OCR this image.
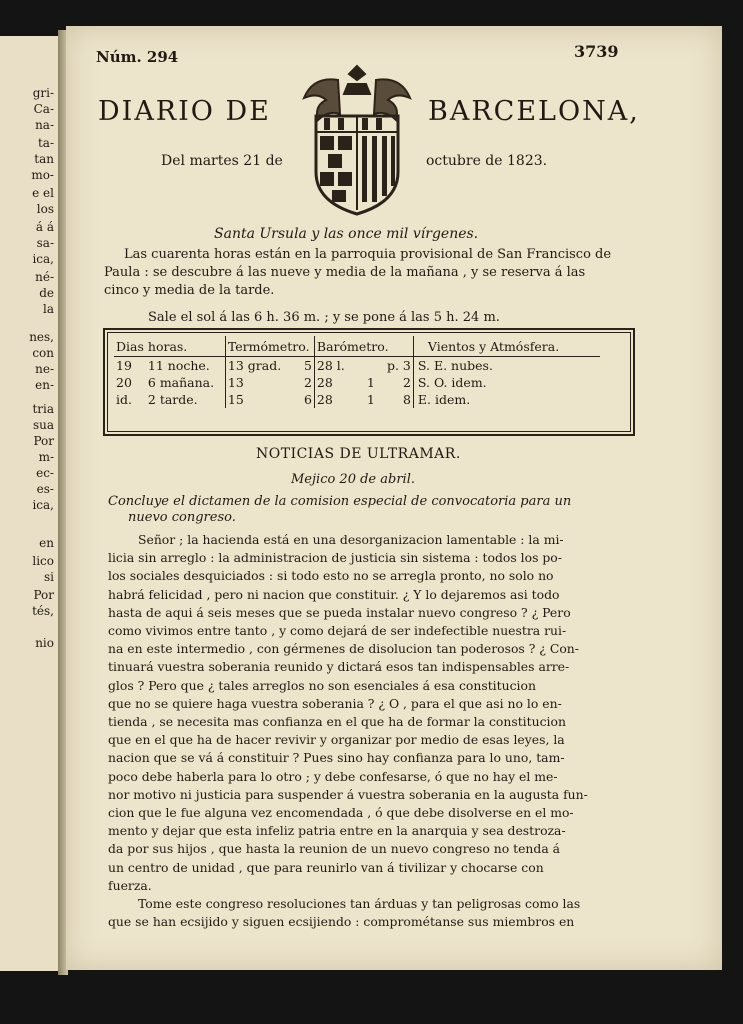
gri-
Ca-
na-
ta-
tan
mo-
e el
los
á á
sa-
ica,
né-
de
la
nes,
con
ne-
en-
tria
sua
Por
m-
ec-
es-
ica,
en
lico
si
Por
tés,
nio
Núm. 294	3739
DIARIO DE	BARCELONA,
Del martes 21 de	octubre de 1823.
Santa Ursula y las once mil vírgenes.
Las cuarenta horas están en la parroquia provisional de San Francisco de
Paula : se descubre á las nueve y media de la mañana , y se reserva á las
cinco y media de la tarde.
Sale el sol á las 6 h. 36 m. ; y se pone á las 5 h. 24 m.
Dias	horas.	Termómetro.		Barómetro.			Vientos y Atmósfera.
19	11 noche.	13 grad.	5	28 l.		p. 3	S. E. nubes.
20	6 mañana.	13	2	28	1	2	S. O. idem.
id.	2 tarde.	15	6	28	1	8	E. idem.
NOTICIAS DE ULTRAMAR.
Mejico 20 de abril.
Concluye el dictamen de la comision especial de convocatoria para un
nuevo congreso.
Señor ; la hacienda está en una desorganizacion lamentable : la mi-
licia sin arreglo : la administracion de justicia sin sistema : todos los po-
los sociales desquiciados : si todo esto no se arregla pronto, no solo no
habrá felicidad , pero ni nacion que constituir. ¿ Y lo dejaremos asi todo
hasta de aqui á seis meses que se pueda instalar nuevo congreso ? ¿ Pero
como vivimos entre tanto , y como dejará de ser indefectible nuestra rui-
na en este intermedio , con gérmenes de disolucion tan poderosos ? ¿ Con-
tinuará vuestra soberania reunido y dictará esos tan indispensables arre-
glos ? Pero que ¿ tales arreglos no son esenciales á esa constitucion
que no se quiere haga vuestra soberania ? ¿ O , para el que asi no lo en-
tienda , se necesita mas confianza en el que ha de formar la constitucion
que en el que ha de hacer revivir y organizar por medio de esas leyes, la
nacion que se vá á constituir ? Pues sino hay confianza para lo uno, tam-
poco debe haberla para lo otro ; y debe confesarse, ó que no hay el me-
nor motivo ni justicia para suspender á vuestra soberania en la augusta fun-
cion que le fue alguna vez encomendada , ó que debe disolverse en el mo-
mento y dejar que esta infeliz patria entre en la anarquia y sea destroza-
da por sus hijos , que hasta la reunion de un nuevo congreso no tenda á
un centro de unidad , que para reunirlo van á tivilizar y chocarse con
fuerza.
Tome este congreso resoluciones tan árduas y tan peligrosas como las
que se han ecsijido y siguen ecsijiendo : comprométanse sus miembros en
